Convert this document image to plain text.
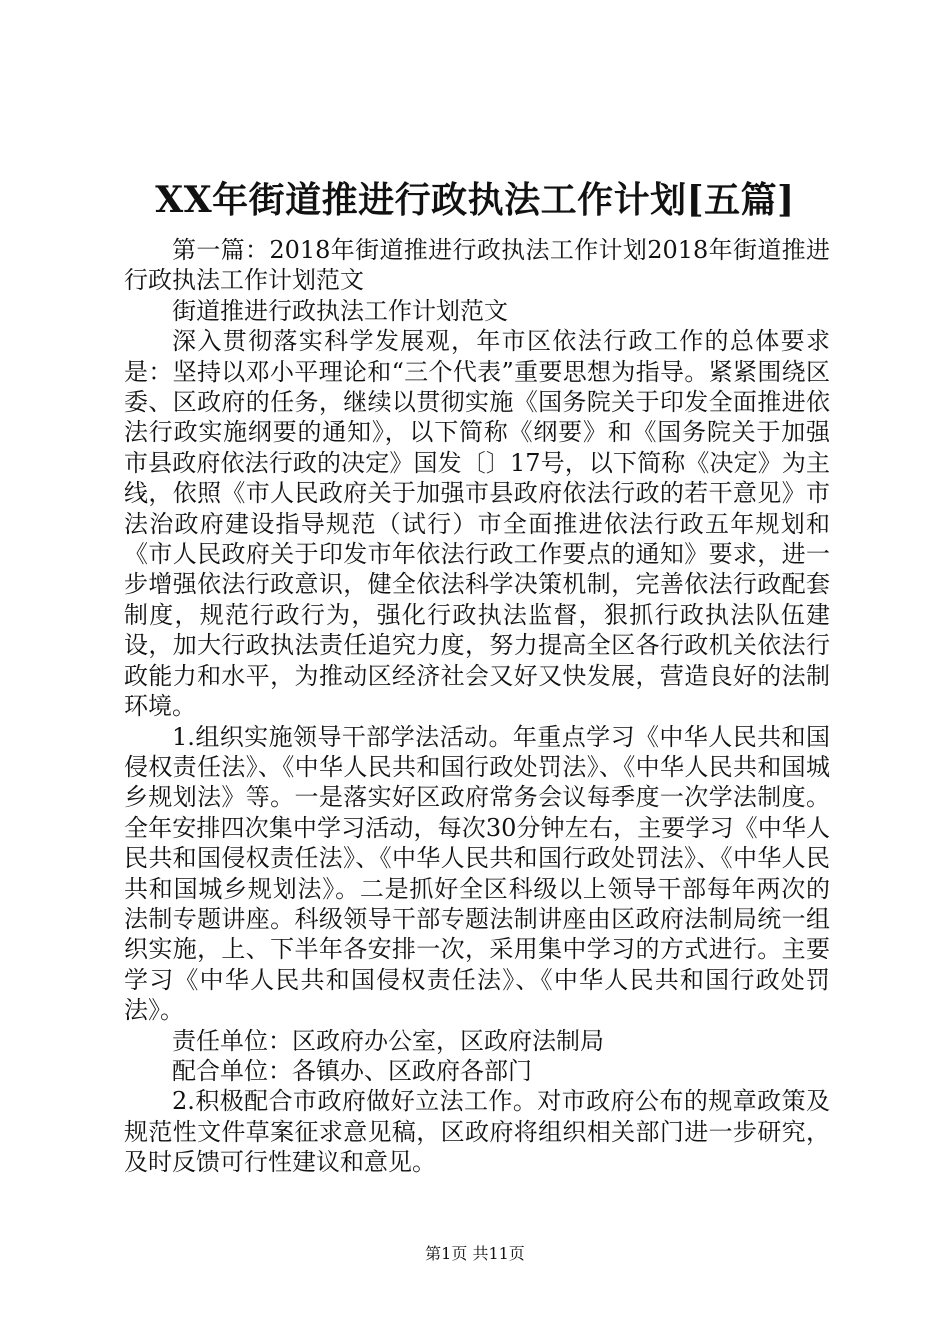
XX年街道推进行政执法工作计划[五篇]

第一篇：2018年街道推进行政执法工作计划2018年街道推进行政执法工作计划范文

街道推进行政执法工作计划范文

深入贯彻落实科学发展观，年市区依法行政工作的总体要求是：坚持以邓小平理论和“三个代表”重要思想为指导。紧紧围绕区委、区政府的任务，继续以贯彻实施《国务院关于印发全面推进依法行政实施纲要的通知》，以下简称《纲要》和《国务院关于加强市县政府依法行政的决定》国发〔〕17号，以下简称《决定》为主线，依照《市人民政府关于加强市县政府依法行政的若干意见》市法治政府建设指导规范（试行）市全面推进依法行政五年规划和《市人民政府关于印发市年依法行政工作要点的通知》要求，进一步增强依法行政意识，健全依法科学决策机制，完善依法行政配套制度，规范行政行为，强化行政执法监督，狠抓行政执法队伍建设，加大行政执法责任追究力度，努力提高全区各行政机关依法行政能力和水平，为推动区经济社会又好又快发展，营造良好的法制环境。

1.组织实施领导干部学法活动。年重点学习《中华人民共和国侵权责任法》、《中华人民共和国行政处罚法》、《中华人民共和国城乡规划法》等。一是落实好区政府常务会议每季度一次学法制度。全年安排四次集中学习活动，每次30分钟左右，主要学习《中华人民共和国侵权责任法》、《中华人民共和国行政处罚法》、《中华人民共和国城乡规划法》。二是抓好全区科级以上领导干部每年两次的法制专题讲座。科级领导干部专题法制讲座由区政府法制局统一组织实施，上、下半年各安排一次，采用集中学习的方式进行。主要学习《中华人民共和国侵权责任法》、《中华人民共和国行政处罚法》。

责任单位：区政府办公室，区政府法制局

配合单位：各镇办、区政府各部门

2.积极配合市政府做好立法工作。对市政府公布的规章政策及规范性文件草案征求意见稿，区政府将组织相关部门进一步研究，及时反馈可行性建议和意见。

第1页 共11页
